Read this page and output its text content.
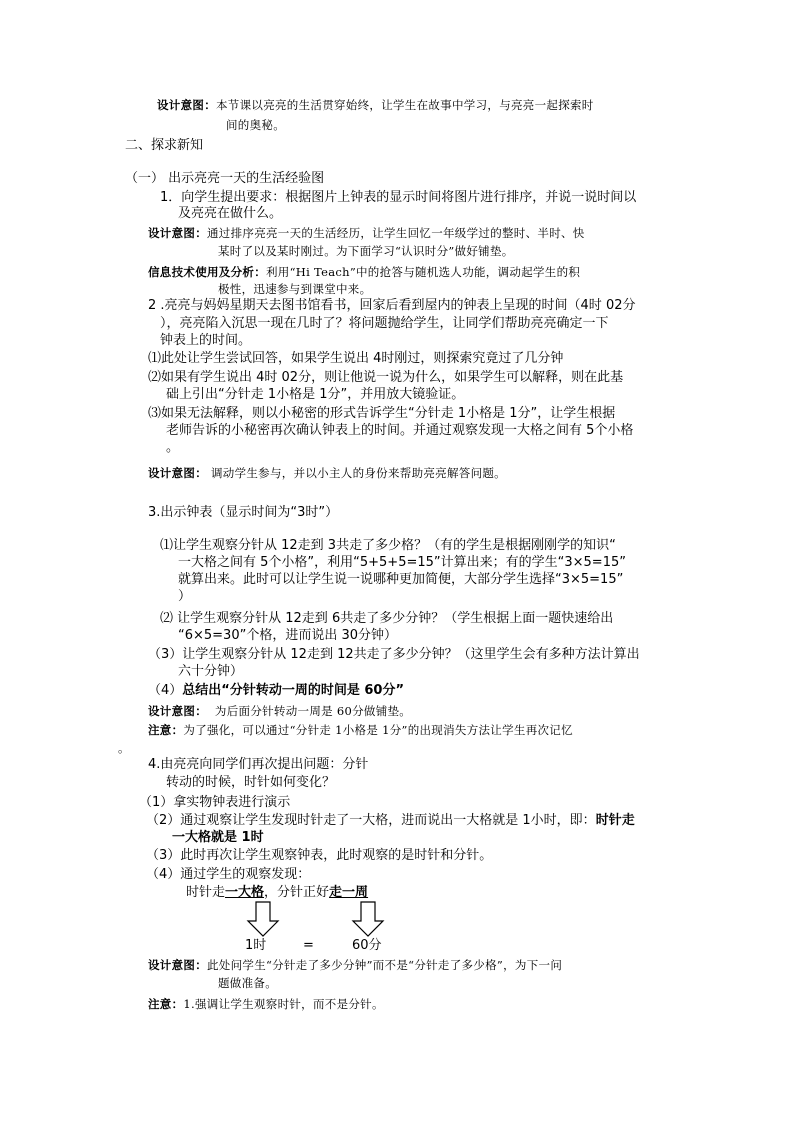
设计意图：本节课以亮亮的生活贯穿始终，让学生在故事中学习，与亮亮一起探索时
间的奥秘。
二、探求新知
（一） 出示亮亮一天的生活经验图
1．向学生提出要求：根据图片上钟表的显示时间将图片进行排序，并说一说时间以
及亮亮在做什么。
设计意图：通过排序亮亮一天的生活经历，让学生回忆一年级学过的整时、半时、快
某时了以及某时刚过。为下面学习“认识时分”做好铺垫。
信息技术使用及分析：利用“Hi Teach”中的抢答与随机选人功能，调动起学生的积
极性，迅速参与到课堂中来。
2 .亮亮与妈妈星期天去图书馆看书，回家后看到屋内的钟表上呈现的时间（4时 02分
），亮亮陷入沉思一现在几时了？将问题抛给学生，让同学们帮助亮亮确定一下
钟表上的时间。
⑴此处让学生尝试回答，如果学生说出 4时刚过，则探索究竟过了几分钟
⑵如果有学生说出 4时 02分，则让他说一说为什么，如果学生可以解释，则在此基
础上引出“分针走 1小格是 1分”，并用放大镜验证。
⑶如果无法解释，则以小秘密的形式告诉学生“分针走 1小格是 1分”，让学生根据
老师告诉的小秘密再次确认钟表上的时间。并通过观察发现一大格之间有 5个小格
。
设计意图： 调动学生参与，并以小主人的身份来帮助亮亮解答问题。
3.出示钟表（显示时间为“3时”）
⑴让学生观察分针从 12走到 3共走了多少格？（有的学生是根据刚刚学的知识“
一大格之间有 5个小格”，利用“5+5+5=15”计算出来；有的学生“3×5=15”
就算出来。此时可以让学生说一说哪种更加简便，大部分学生选择“3×5=15”
）
⑵ 让学生观察分针从 12走到 6共走了多少分钟？（学生根据上面一题快速给出
“6×5=30”个格，进而说出 30分钟）
（3）让学生观察分针从 12走到 12共走了多少分钟？（这里学生会有多种方法计算出
六十分钟）
（4）总结出“分针转动一周的时间是 60分”
设计意图： 为后面分针转动一周是 60分做铺垫。
注意：为了强化，可以通过“分针走 1小格是 1分”的出现消失方法让学生再次记忆
。
4.由亮亮向同学们再次提出问题：分针
转动的时候，时针如何变化？
（1）拿实物钟表进行演示
（2）通过观察让学生发现时针走了一大格，进而说出一大格就是 1小时，即：时针走
一大格就是 1时
（3）此时再次让学生观察钟表，此时观察的是时针和分针。
（4）通过学生的观察发现：
时针走一大格，分针正好走一周
1时	=	60分
设计意图：此处问学生“分针走了多少分钟”而不是“分针走了多少格”，为下一问
题做准备。
注意：1.强调让学生观察时针，而不是分针。
